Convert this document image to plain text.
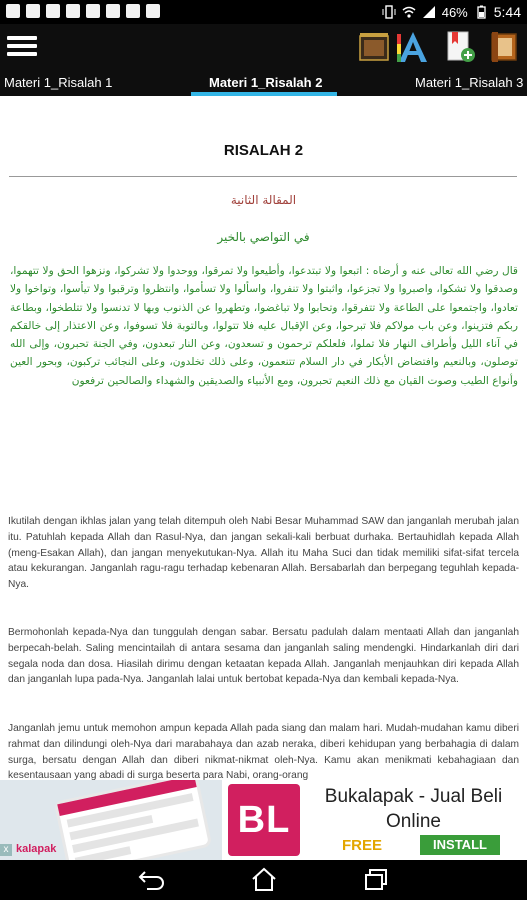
46% 5:44
Materi 1_Risalah 1	Materi 1_Risalah 2	Materi 1_Risalah 3
RISALAH 2
المقالة الثانية
في التواصي بالخير
قال رضي الله تعالى عنه و أرضاه : اتبعوا ولا تبتدعوا، وأطيعوا ولا تمرقوا، ووحدوا ولا تشركوا، ونزهوا الحق ولا تتهموا، وصدقوا ولا تشكوا، واصبروا ولا تجزعوا، واثبتوا ولا تنفروا، واسألوا ولا تسأموا، وانتظروا وترقبوا ولا تيأسوا، وتواخوا ولا تعادوا، واجتمعوا على الطاعة ولا تتفرقوا، وتحابوا ولا تباغضوا، وتطهروا عن الذنوب وبها لا تدنسوا ولا تتلطخوا، وبطاعة ربكم فتزينوا، وعن باب مولاكم فلا تبرحوا، وعن الإقبال عليه فلا تتولوا، وبالتوبة فلا تسوفوا، وعن الاعتذار إلى خالقكم في آناء الليل وأطراف النهار فلا تملوا، فلعلكم ترحمون و تسعدون، وعن النار تبعدون، وفي الجنة تحبرون، وإلى الله توصلون، وبالنعيم وافتضاض الأبكار في دار السلام تتنعمون، وعلى ذلك تخلدون، وعلى النجائب تركبون، وبحور العين وأنواع الطيب وصوت القيان مع ذلك النعيم تحبرون، ومع الأنبياء والصديقين والشهداء والصالحين ترفعون
Ikutilah dengan ikhlas jalan yang telah ditempuh oleh Nabi Besar Muhammad SAW dan janganlah merubah jalan itu. Patuhlah kepada Allah dan Rasul-Nya, dan jangan sekali-kali berbuat durhaka. Bertauhidlah kepada Allah (meng-Esakan Allah), dan jangan menyekutukan-Nya. Allah itu Maha Suci dan tidak memiliki sifat-sifat tercela atau kekurangan. Janganlah ragu-ragu terhadap kebenaran Allah. Bersabarlah dan berpegang teguhlah kepada-Nya.
Bermohonlah kepada-Nya dan tunggulah dengan sabar. Bersatu padulah dalam mentaati Allah dan janganlah berpecah-belah. Saling mencintailah di antara sesama dan janganlah saling mendengki. Hindarkanlah diri dari segala noda dan dosa. Hiasilah dirimu dengan ketaatan kepada Allah. Janganlah menjauhkan diri kepada Allah dan janganlah lupa pada-Nya. Janganlah lalai untuk bertobat kepada-Nya dan kembali kepada-Nya.
Janganlah jemu untuk memohon ampun kepada Allah pada siang dan malam hari. Mudah-mudahan kamu diberi rahmat dan dilindungi oleh-Nya dari marabahaya dan azab neraka, diberi kehidupan yang berbahagia di dalam surga, bersatu dengan Allah dan diberi nikmat-nikmat oleh-Nya. Kamu akan menikmati kebahagiaan dan kesentausaan yang abadi di surga beserta para Nabi, orang-orang
x kalapak
BL
Bukalapak - Jual Beli Online
FREE	INSTALL
